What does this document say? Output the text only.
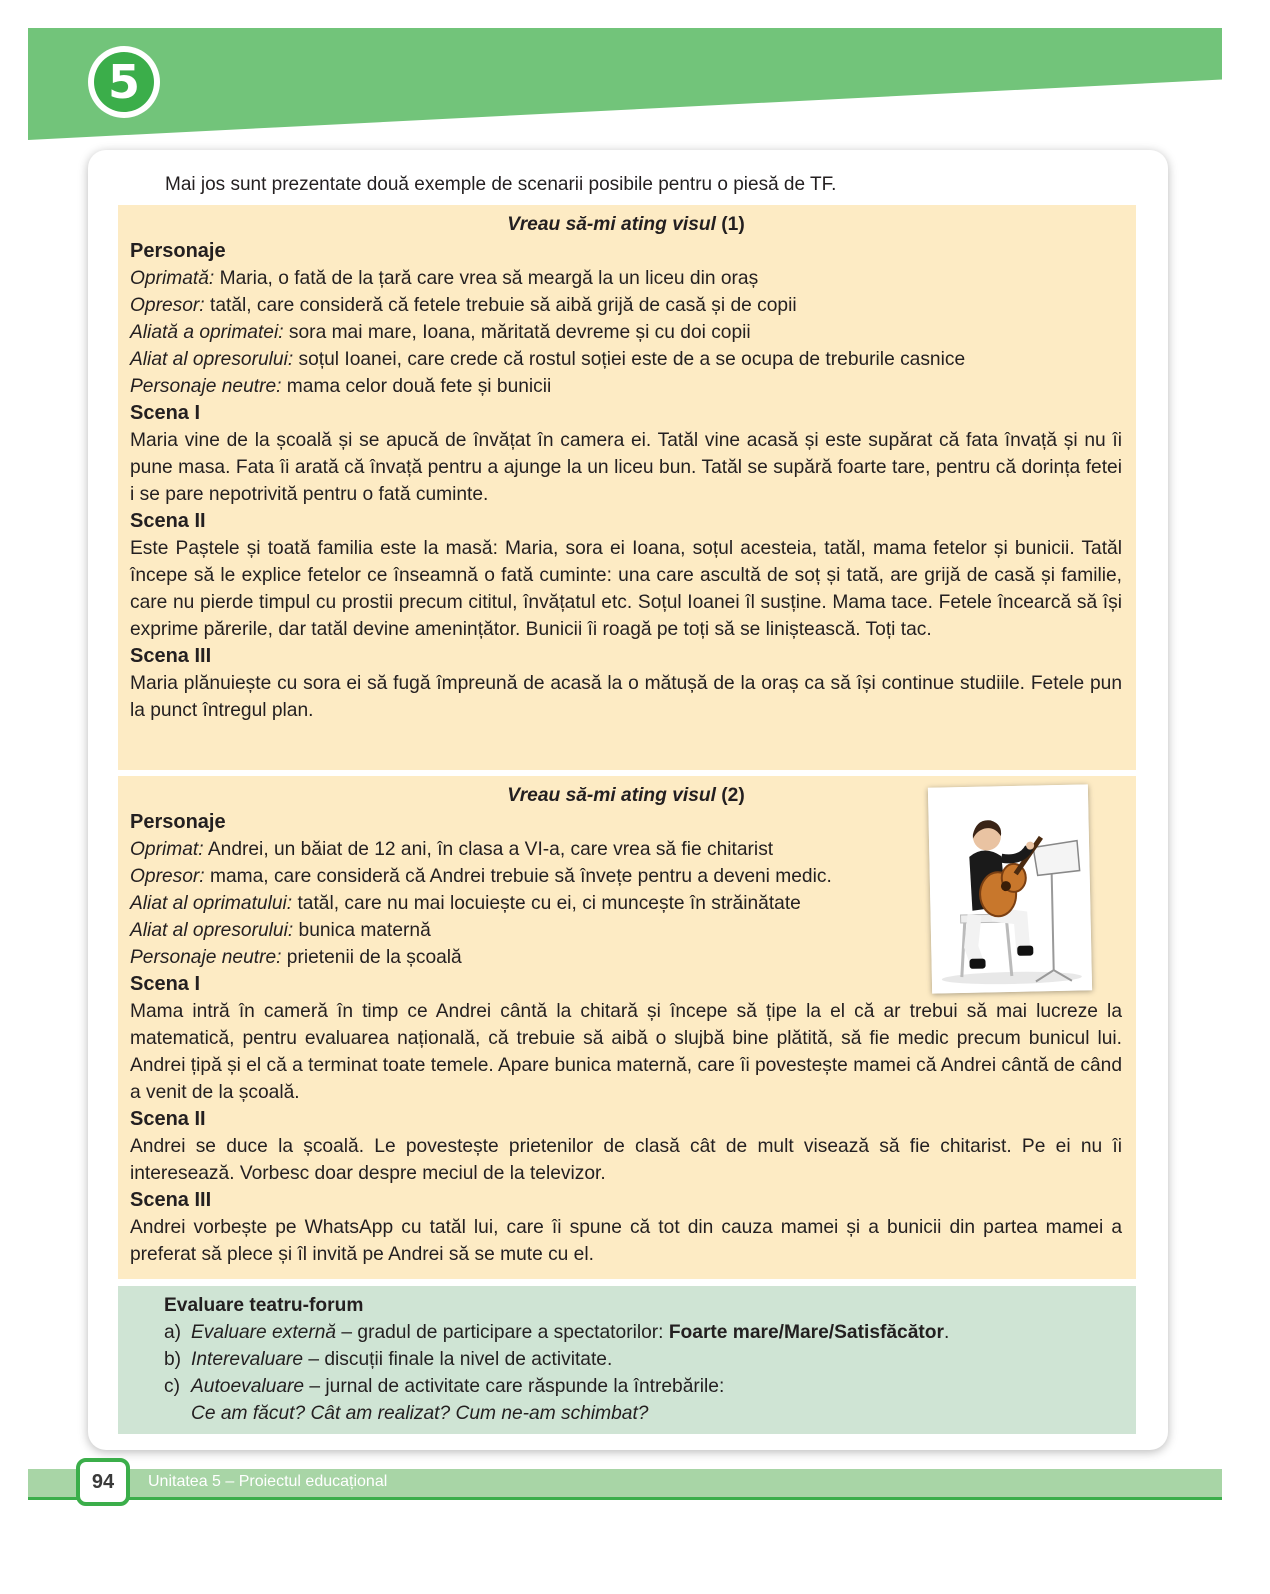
5
Mai jos sunt prezentate două exemple de scenarii posibile pentru o piesă de TF.
Vreau să-mi ating visul (1)
Personaje
Oprimată: Maria, o fată de la țară care vrea să meargă la un liceu din oraș
Opresor: tatăl, care consideră că fetele trebuie să aibă grijă de casă și de copii
Aliată a oprimatei: sora mai mare, Ioana, măritată devreme și cu doi copii
Aliat al opresorului: soțul Ioanei, care crede că rostul soției este de a se ocupa de treburile casnice
Personaje neutre: mama celor două fete și bunicii
Scena I
Maria vine de la școală și se apucă de învățat în camera ei. Tatăl vine acasă și este supărat că fata învață și nu îi pune masa. Fata îi arată că învață pentru a ajunge la un liceu bun. Tatăl se supără foarte tare, pentru că dorința fetei i se pare nepotrivită pentru o fată cuminte.
Scena II
Este Paștele și toată familia este la masă: Maria, sora ei Ioana, soțul acesteia, tatăl, mama fetelor și bunicii. Tatăl începe să le explice fetelor ce înseamnă o fată cuminte: una care ascultă de soț și tată, are grijă de casă și familie, care nu pierde timpul cu prostii precum cititul, învățatul etc. Soțul Ioanei îl susține. Mama tace. Fetele încearcă să își exprime părerile, dar tatăl devine amenințător. Bunicii îi roagă pe toți să se liniștească. Toți tac.
Scena III
Maria plănuiește cu sora ei să fugă împreună de acasă la o mătușă de la oraș ca să își continue studiile. Fetele pun la punct întregul plan.
Vreau să-mi ating visul (2)
Personaje
Oprimat: Andrei, un băiat de 12 ani, în clasa a VI-a, care vrea să fie chitarist
Opresor: mama, care consideră că Andrei trebuie să învețe pentru a deveni medic.
Aliat al oprimatului: tatăl, care nu mai locuiește cu ei, ci muncește în străinătate
Aliat al opresorului: bunica maternă
Personaje neutre: prietenii de la școală
Scena I
Mama intră în cameră în timp ce Andrei cântă la chitară și începe să țipe la el că ar trebui să mai lucreze la matematică, pentru evaluarea națională, că trebuie să aibă o slujbă bine plătită, să fie medic precum bunicul lui. Andrei țipă și el că a terminat toate temele. Apare bunica maternă, care îi povestește mamei că Andrei cântă de când a venit de la școală.
Scena II
Andrei se duce la școală. Le povestește prietenilor de clasă cât de mult visează să fie chitarist. Pe ei nu îi interesează. Vorbesc doar despre meciul de la televizor.
Scena III
Andrei vorbește pe WhatsApp cu tatăl lui, care îi spune că tot din cauza mamei și a bunicii din partea mamei a preferat să plece și îl invită pe Andrei să se mute cu el.
Evaluare teatru-forum
a) Evaluare externă – gradul de participare a spectatorilor: Foarte mare/Mare/Satisfăcător.
b) Interevaluare – discuții finale la nivel de activitate.
c) Autoevaluare – jurnal de activitate care răspunde la întrebările:
Ce am făcut? Cât am realizat? Cum ne-am schimbat?
94	Unitatea 5 – Proiectul educațional
